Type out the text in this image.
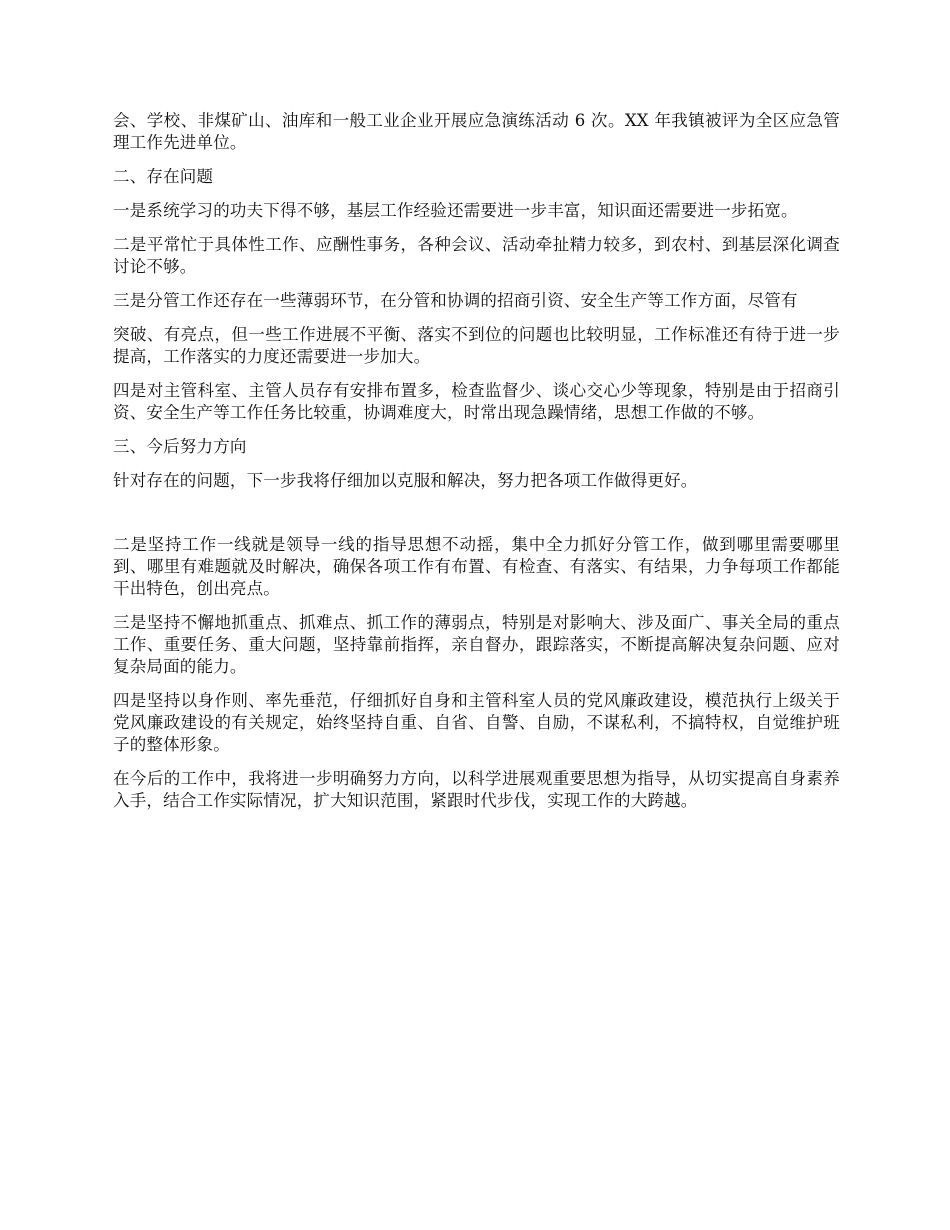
会、学校、非煤矿山、油库和一般工业企业开展应急演练活动 6 次。XX 年我镇被评为全区应急管理工作先进单位。

二、存在问题

一是系统学习的功夫下得不够，基层工作经验还需要进一步丰富，知识面还需要进一步拓宽。

二是平常忙于具体性工作、应酬性事务，各种会议、活动牵扯精力较多，到农村、到基层深化调查讨论不够。

三是分管工作还存在一些薄弱环节，在分管和协调的招商引资、安全生产等工作方面，尽管有

突破、有亮点，但一些工作进展不平衡、落实不到位的问题也比较明显，工作标准还有待于进一步提高，工作落实的力度还需要进一步加大。

四是对主管科室、主管人员存有安排布置多，检查监督少、谈心交心少等现象，特别是由于招商引资、安全生产等工作任务比较重，协调难度大，时常出现急躁情绪，思想工作做的不够。

三、今后努力方向

针对存在的问题，下一步我将仔细加以克服和解决，努力把各项工作做得更好。

二是坚持工作一线就是领导一线的指导思想不动摇，集中全力抓好分管工作，做到哪里需要哪里到、哪里有难题就及时解决，确保各项工作有布置、有检查、有落实、有结果，力争每项工作都能干出特色，创出亮点。

三是坚持不懈地抓重点、抓难点、抓工作的薄弱点，特别是对影响大、涉及面广、事关全局的重点工作、重要任务、重大问题，坚持靠前指挥，亲自督办，跟踪落实，不断提高解决复杂问题、应对复杂局面的能力。

四是坚持以身作则、率先垂范，仔细抓好自身和主管科室人员的党风廉政建设，模范执行上级关于党风廉政建设的有关规定，始终坚持自重、自省、自警、自励，不谋私利，不搞特权，自觉维护班子的整体形象。

在今后的工作中，我将进一步明确努力方向，以科学进展观重要思想为指导，从切实提高自身素养入手，结合工作实际情况，扩大知识范围，紧跟时代步伐，实现工作的大跨越。
